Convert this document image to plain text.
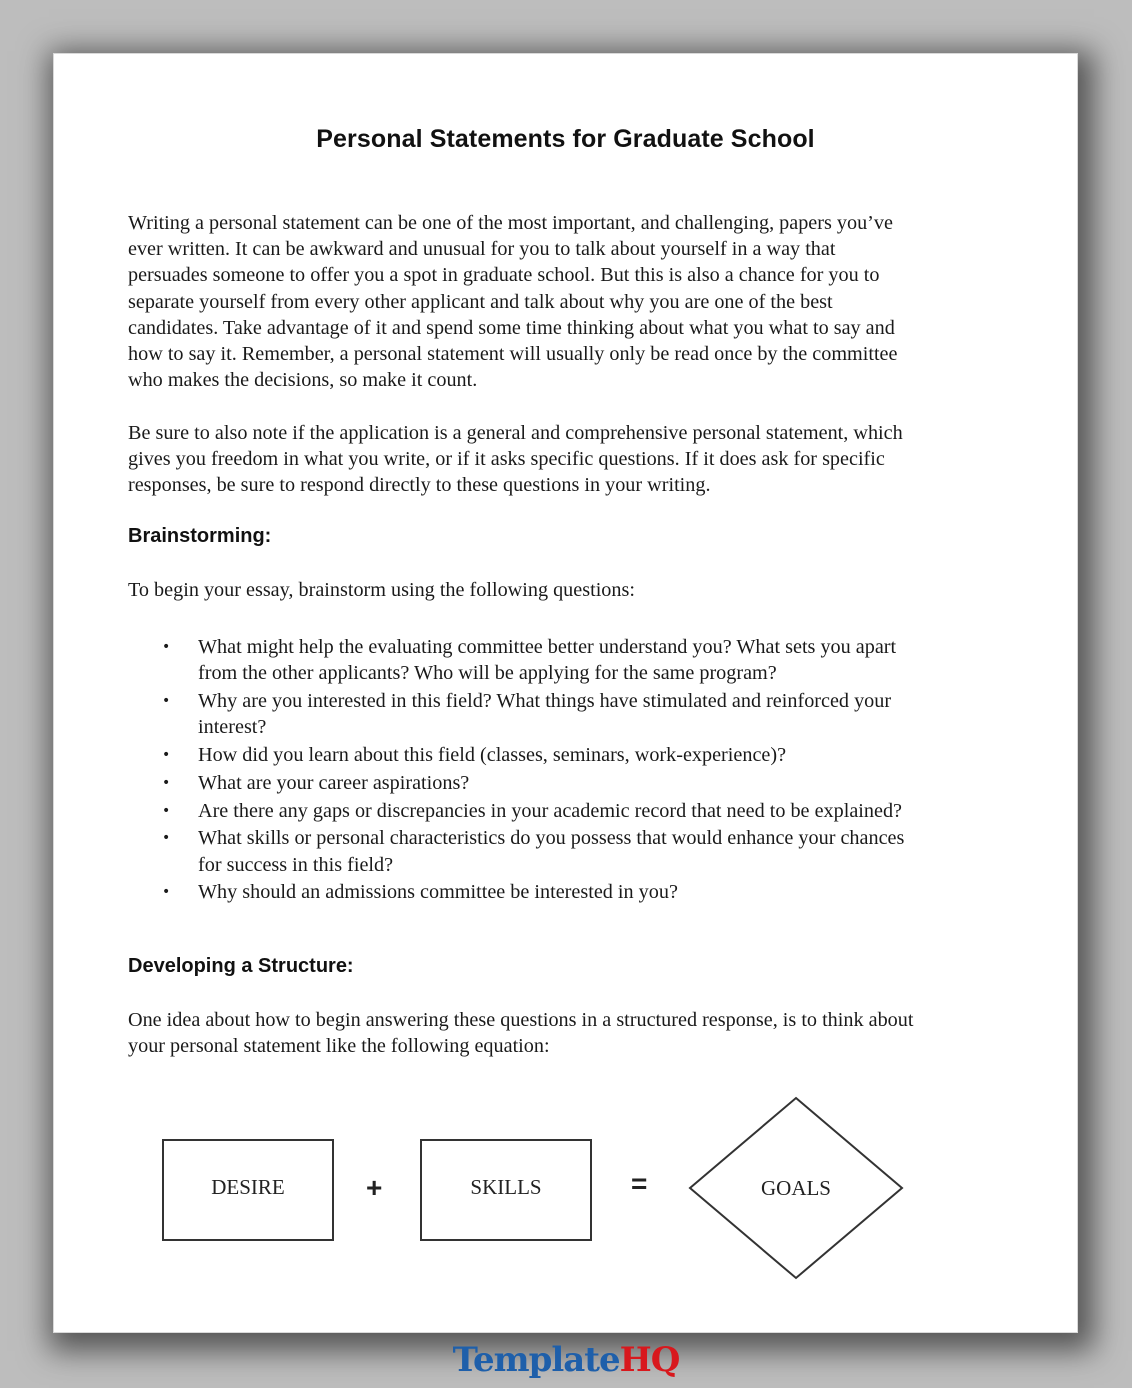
Personal Statements for Graduate School

Writing a personal statement can be one of the most important, and challenging, papers you’ve
ever written. It can be awkward and unusual for you to talk about yourself in a way that
persuades someone to offer you a spot in graduate school. But this is also a chance for you to
separate yourself from every other applicant and talk about why you are one of the best
candidates. Take advantage of it and spend some time thinking about what you what to say and
how to say it. Remember, a personal statement will usually only be read once by the committee
who makes the decisions, so make it count.

Be sure to also note if the application is a general and comprehensive personal statement, which
gives you freedom in what you write, or if it asks specific questions. If it does ask for specific
responses, be sure to respond directly to these questions in your writing.

Brainstorming:

To begin your essay, brainstorm using the following questions:

• What might help the evaluating committee better understand you? What sets you apart
from the other applicants? Who will be applying for the same program?
• Why are you interested in this field? What things have stimulated and reinforced your
interest?
• How did you learn about this field (classes, seminars, work-experience)?
• What are your career aspirations?
• Are there any gaps or discrepancies in your academic record that need to be explained?
• What skills or personal characteristics do you possess that would enhance your chances
for success in this field?
• Why should an admissions committee be interested in you?
Developing a Structure:

One idea about how to begin answering these questions in a structured response, is to think about
your personal statement like the following equation:

DESIRE	+	SKILLS	=	GOALS
TemplateHQ
